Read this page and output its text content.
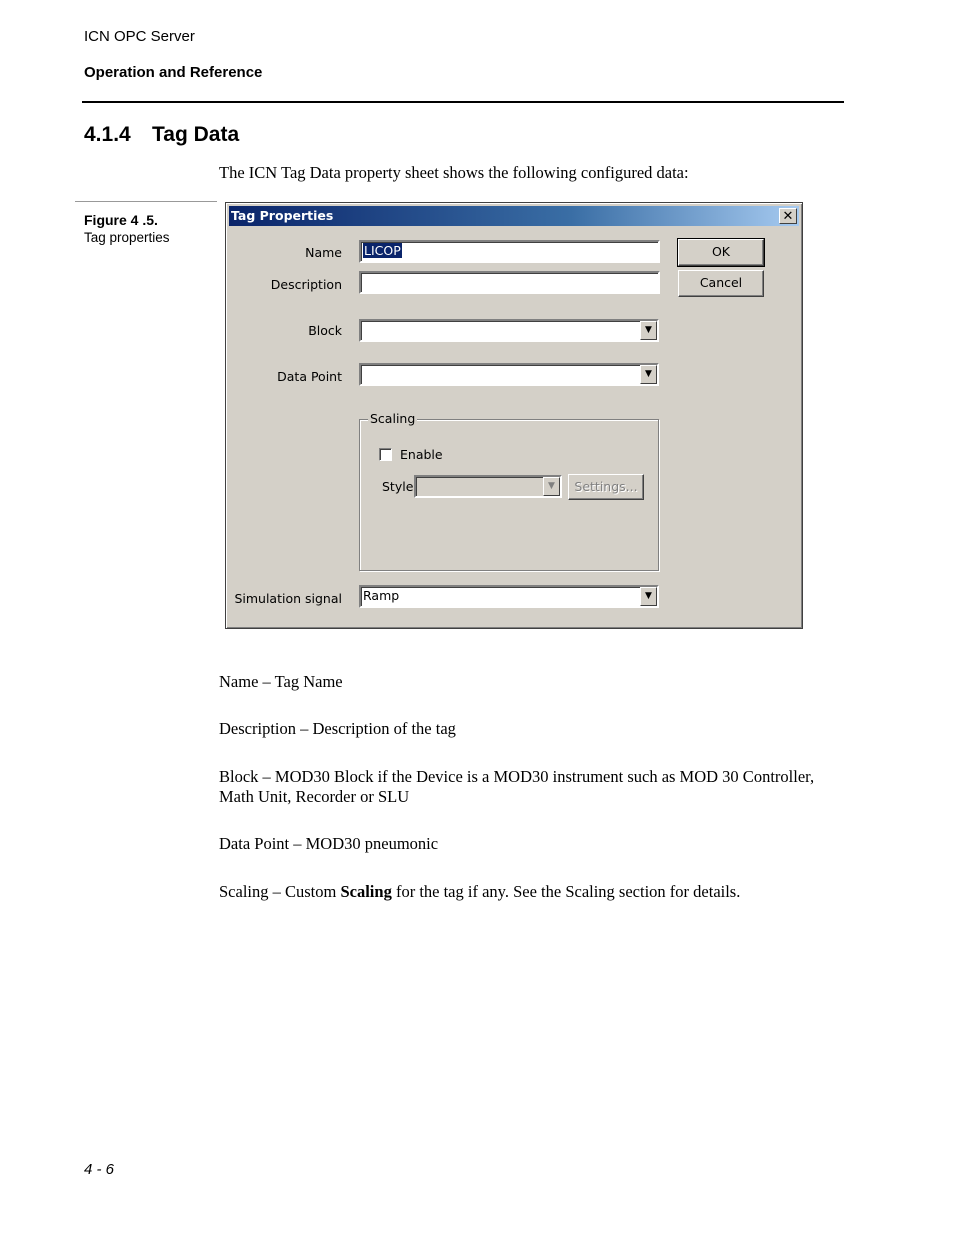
ICN OPC Server
Operation and Reference
4.1.4 Tag Data
The ICN Tag Data property sheet shows the following configured data:
Figure 4 .5.
Tag properties
Tag Properties	✕
Name	LICOP
Description
Block	▼
Data Point	▼
OK
Cancel
Scaling
Enable
Style	▼	Settings...
Simulation signal	Ramp	▼
Name – Tag Name
Description – Description of the tag
Block – MOD30 Block if the Device is a MOD30 instrument such as MOD 30 Controller, Math Unit, Recorder or SLU
Data Point – MOD30 pneumonic
Scaling – Custom Scaling for the tag if any. See the Scaling section for details.
4 - 6
